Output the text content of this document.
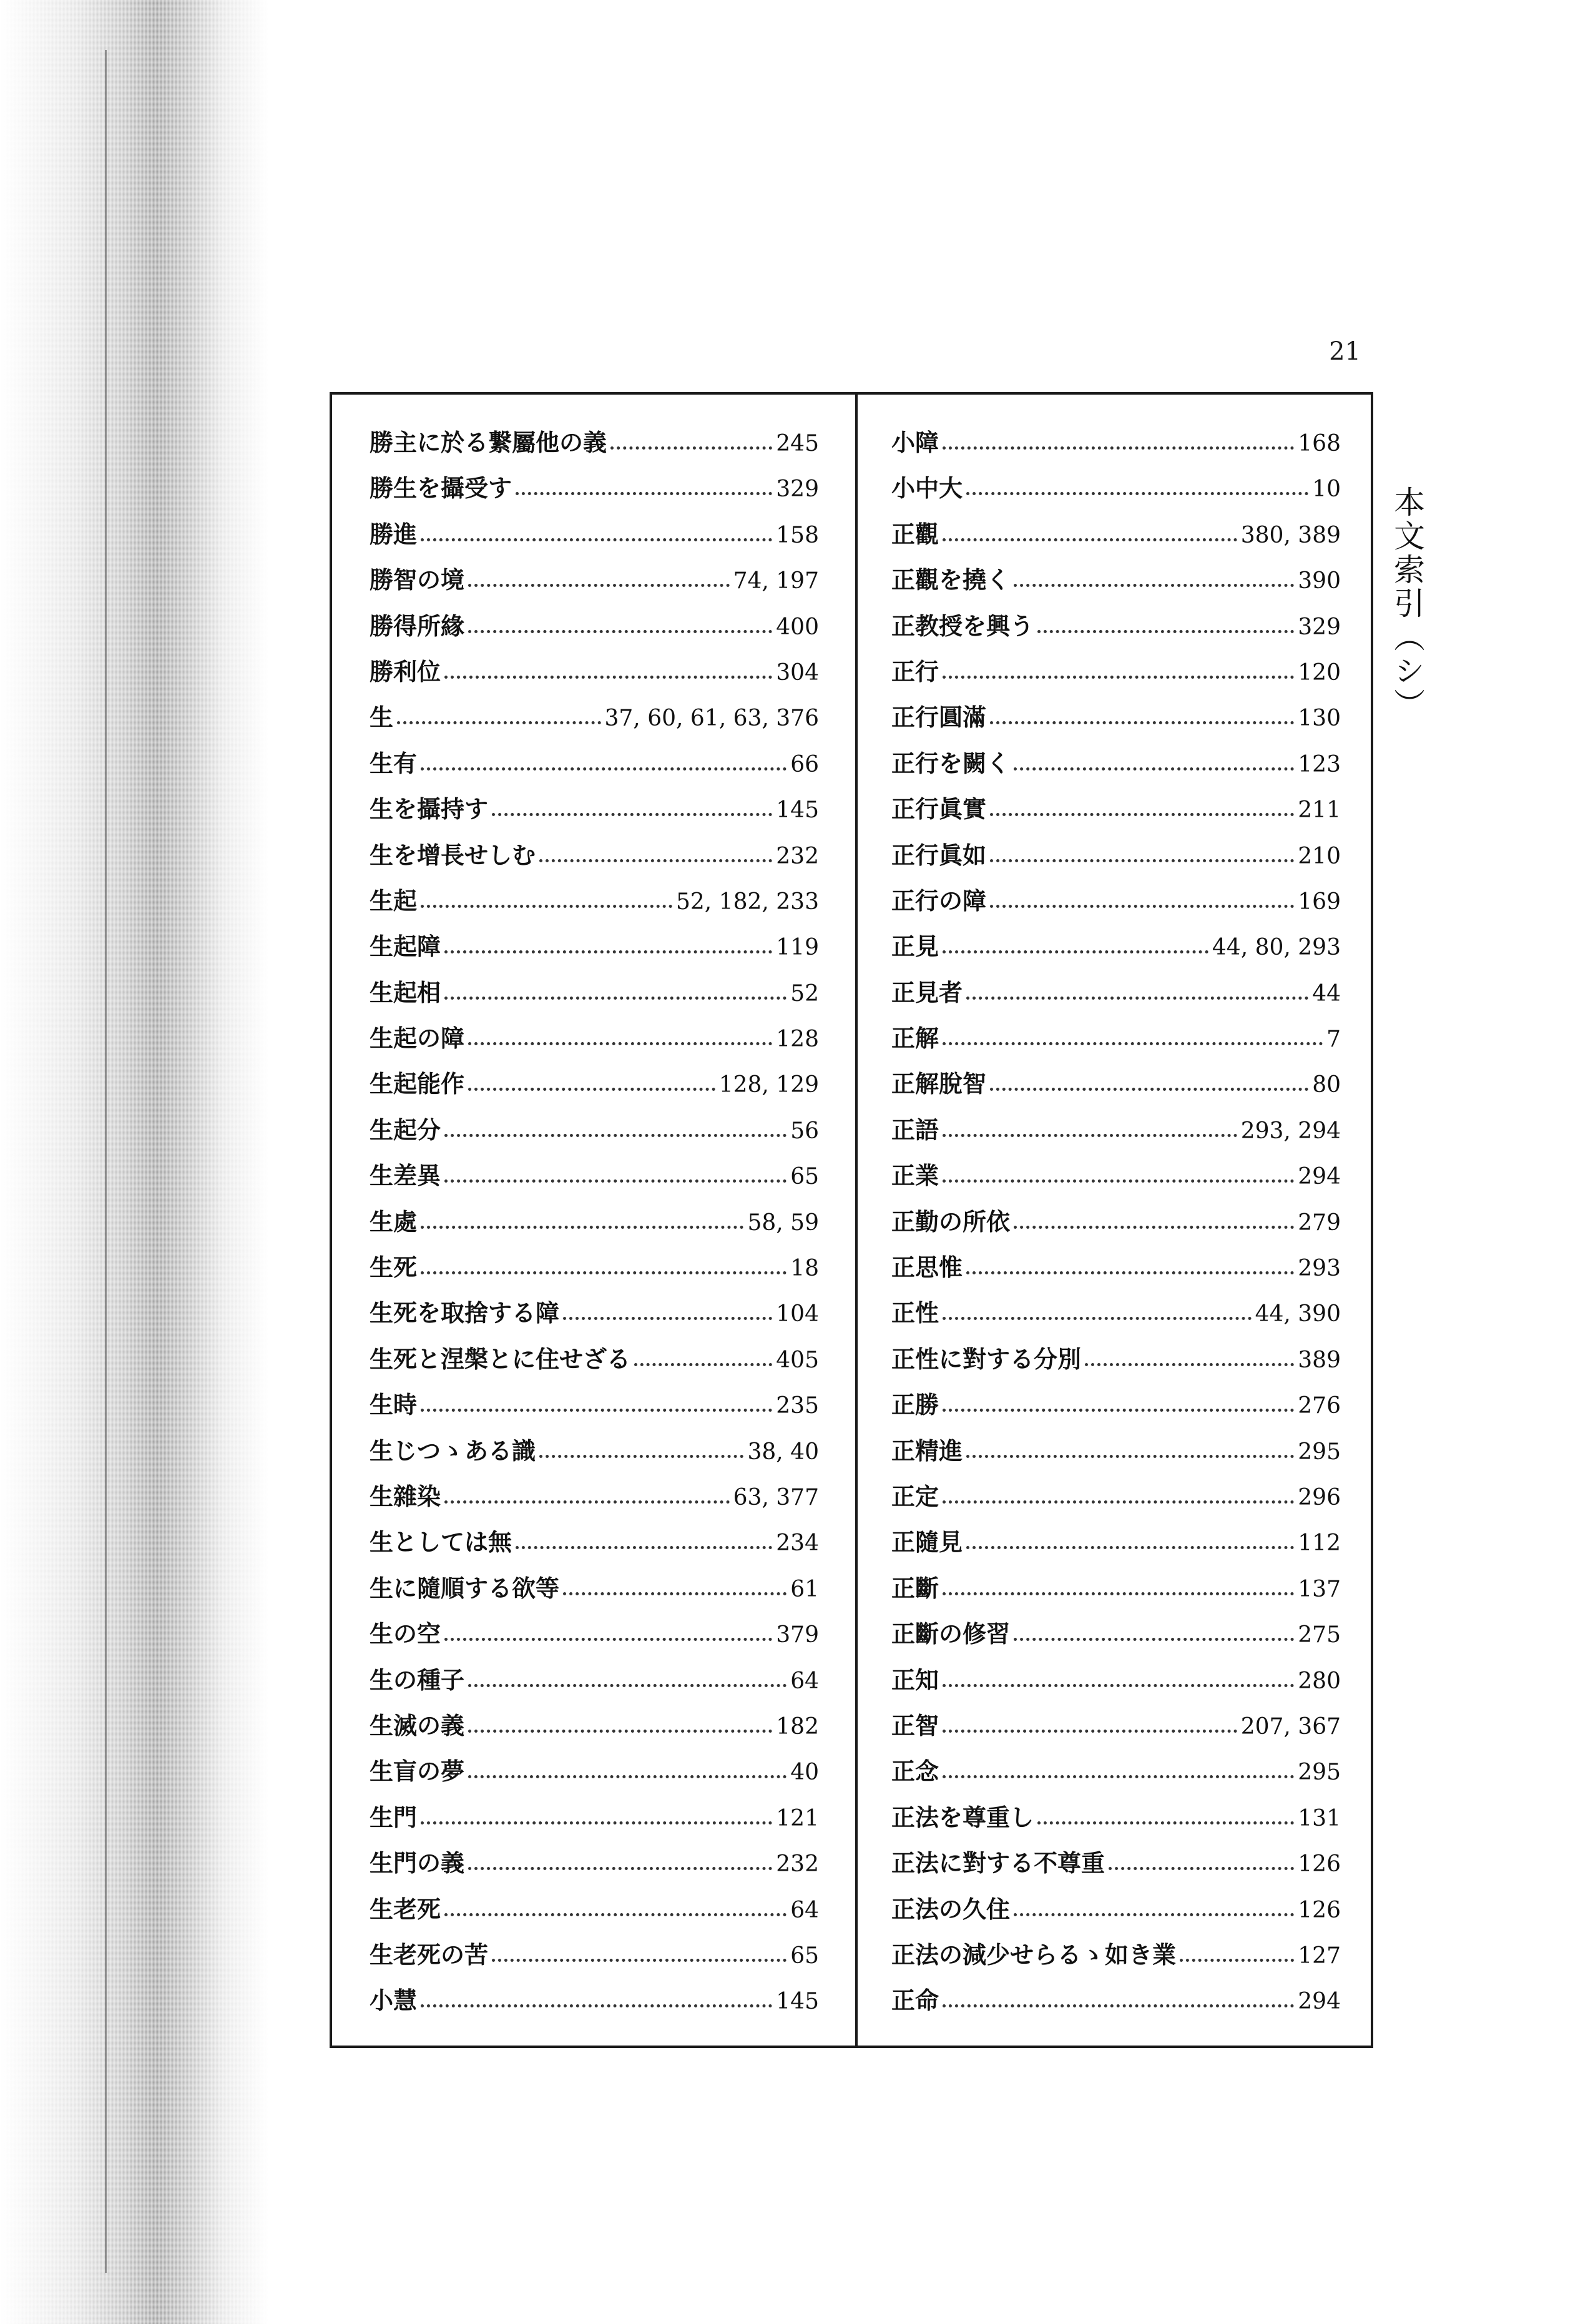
21
本文索引（シ）
勝主に於る繋屬他の義	245
勝生を攝受す	329
勝進	158
勝智の境	74, 197
勝得所緣	400
勝利位	304
生	37, 60, 61, 63, 376
生有	66
生を攝持す	145
生を增長せしむ	232
生起	52, 182, 233
生起障	119
生起相	52
生起の障	128
生起能作	128, 129
生起分	56
生差異	65
生處	58, 59
生死	18
生死を取捨する障	104
生死と涅槃とに住せざる	405
生時	235
生じつゝある識	38, 40
生雜染	63, 377
生としては無	234
生に隨順する欲等	61
生の空	379
生の種子	64
生滅の義	182
生盲の夢	40
生門	121
生門の義	232
生老死	64
生老死の苦	65
小慧	145
小障	168
小中大	10
正觀	380, 389
正觀を撓く	390
正教授を興う	329
正行	120
正行圓滿	130
正行を闕く	123
正行眞實	211
正行眞如	210
正行の障	169
正見	44, 80, 293
正見者	44
正解	7
正解脫智	80
正語	293, 294
正業	294
正勤の所依	279
正思惟	293
正性	44, 390
正性に對する分別	389
正勝	276
正精進	295
正定	296
正隨見	112
正斷	137
正斷の修習	275
正知	280
正智	207, 367
正念	295
正法を尊重し	131
正法に對する不尊重	126
正法の久住	126
正法の減少せらるゝ如き業	127
正命	294
